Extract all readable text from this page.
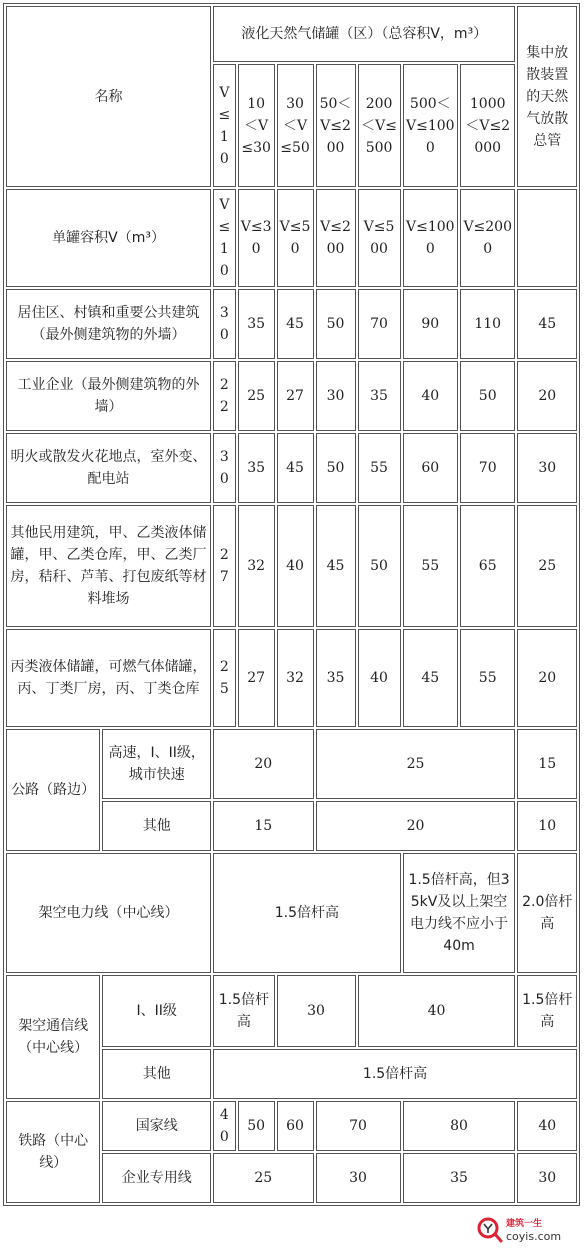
名称		液化天然气储罐（区）（总容积V，m³）							集中放散装置的天然气放散总管
		V≤10	10＜V≤30	30＜V≤50	50＜V≤200	200＜V≤500	500＜V≤1000	1000＜V≤2000	
单罐容积V（m³）		V≤10	V≤30	V≤50	V≤200	V≤500	V≤1000	V≤2000	
居住区、村镇和重要公共建筑（最外侧建筑物的外墙）		30	35	45	50	70	90	110	45
工业企业（最外侧建筑物的外墙）		22	25	27	30	35	40	50	20
明火或散发火花地点，室外变、配电站		30	35	45	50	55	60	70	30
其他民用建筑，甲、乙类液体储罐，甲、乙类仓库，甲、乙类厂房，秸秆、芦苇、打包废纸等材料堆场		27	32	40	45	50	55	65	25
丙类液体储罐，可燃气体储罐，丙、丁类厂房，丙、丁类仓库		25	27	32	35	40	45	55	20
公路（路边）	高速，I、II级，城市快速	20			25				15
	其他	15			20				10
架空电力线（中心线）		1.5倍杆高					1.5倍杆高，但35kV及以上架空电力线不应小于40m		2.0倍杆高
架空通信线（中心线）	I、II级	1.5倍杆高		30		40			1.5倍杆高
	其他	1.5倍杆高							
铁路（中心线）	国家线	40	50	60	70		80		40
	企业专用线	25			30		35		30
建筑一生
coyis.com
